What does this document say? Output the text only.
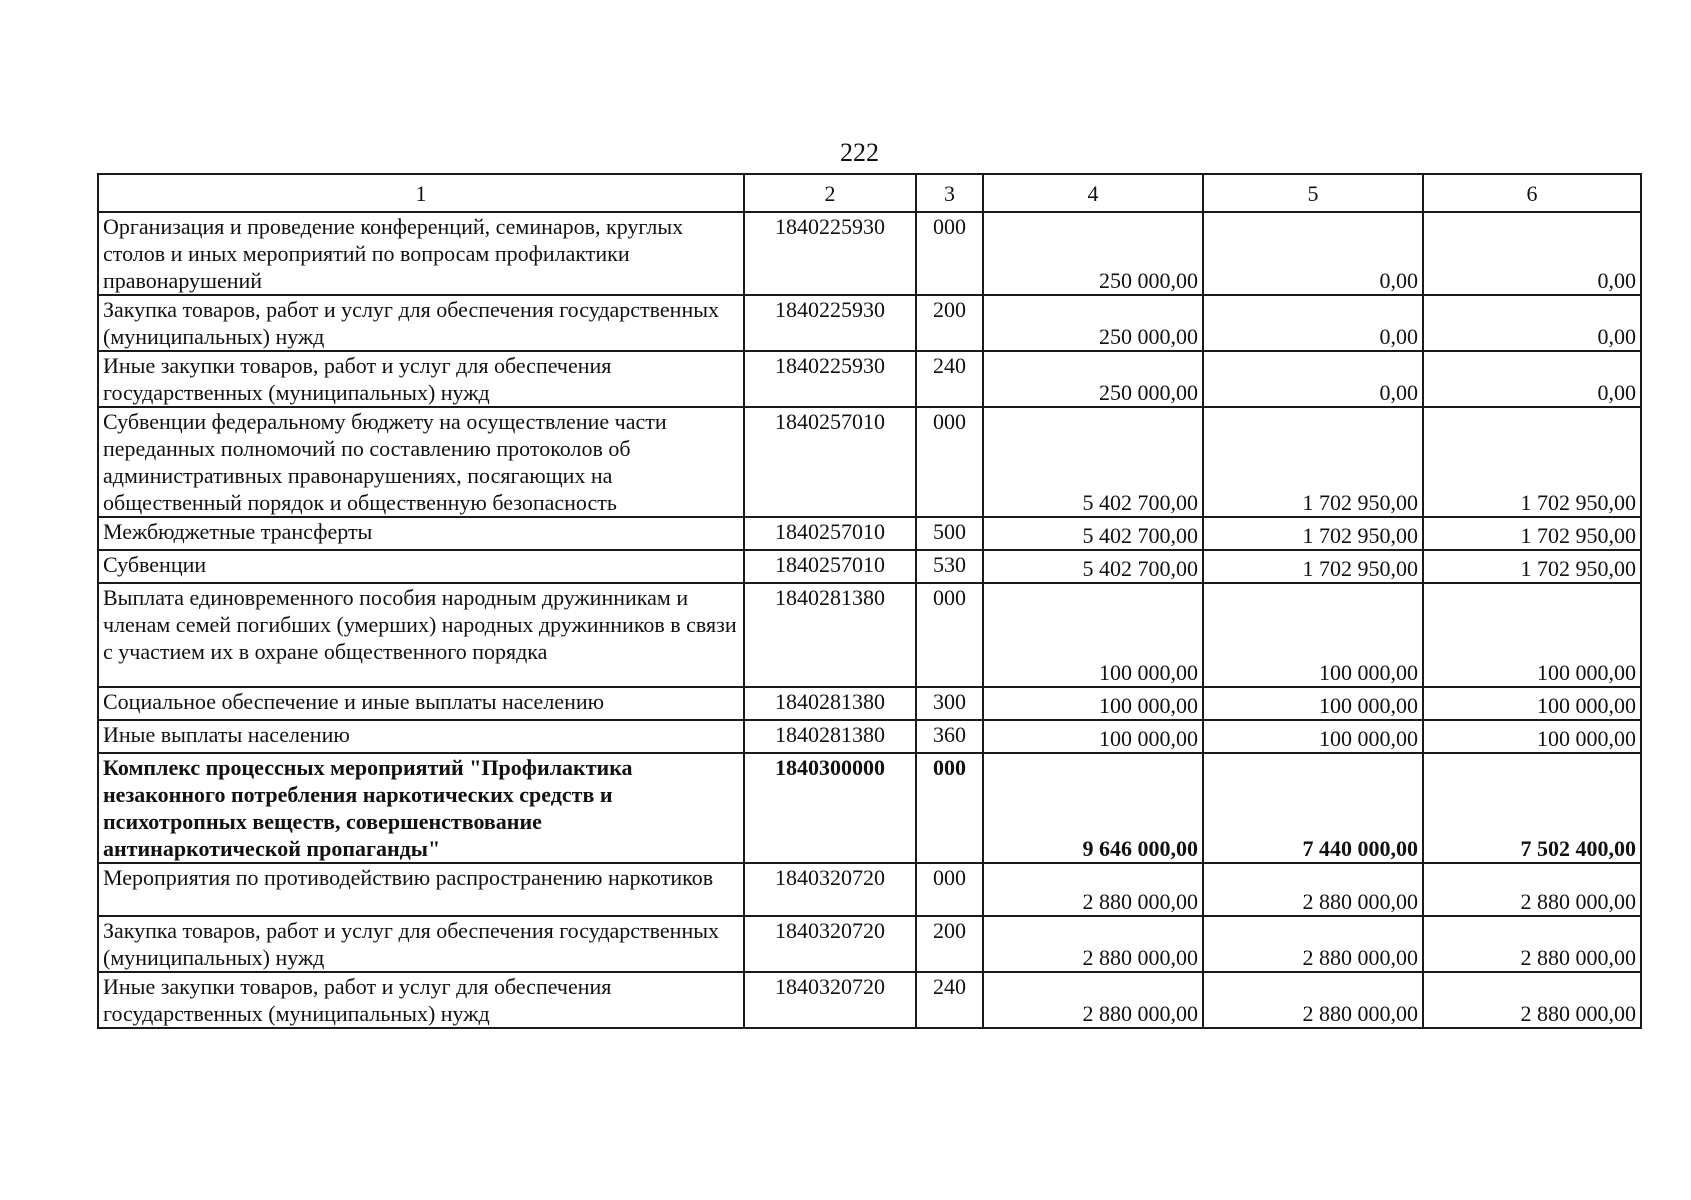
222
1	2	3	4	5	6
Организация и проведение конференций, семинаров, круглых столов и иных мероприятий по вопросам профилактики правонарушений	1840225930	000	250 000,00	0,00	0,00
Закупка товаров, работ и услуг для обеспечения государственных (муниципальных) нужд	1840225930	200	250 000,00	0,00	0,00
Иные закупки товаров, работ и услуг для обеспечения государственных (муниципальных) нужд	1840225930	240	250 000,00	0,00	0,00
Субвенции федеральному бюджету на осуществление части переданных полномочий по составлению протоколов об административных правонарушениях, посягающих на общественный порядок и общественную безопасность	1840257010	000	5 402 700,00	1 702 950,00	1 702 950,00
Межбюджетные трансферты	1840257010	500	5 402 700,00	1 702 950,00	1 702 950,00
Субвенции	1840257010	530	5 402 700,00	1 702 950,00	1 702 950,00
Выплата единовременного пособия народным дружинникам и членам семей погибших (умерших) народных дружинников в связи с участием их в охране общественного порядка	1840281380	000	100 000,00	100 000,00	100 000,00
Социальное обеспечение и иные выплаты населению	1840281380	300	100 000,00	100 000,00	100 000,00
Иные выплаты населению	1840281380	360	100 000,00	100 000,00	100 000,00
Комплекс процессных мероприятий "Профилактика незаконного потребления наркотических средств и психотропных веществ, совершенствование антинаркотической пропаганды"	1840300000	000	9 646 000,00	7 440 000,00	7 502 400,00
Мероприятия по противодействию распространению наркотиков	1840320720	000	2 880 000,00	2 880 000,00	2 880 000,00
Закупка товаров, работ и услуг для обеспечения государственных (муниципальных) нужд	1840320720	200	2 880 000,00	2 880 000,00	2 880 000,00
Иные закупки товаров, работ и услуг для обеспечения государственных (муниципальных) нужд	1840320720	240	2 880 000,00	2 880 000,00	2 880 000,00
